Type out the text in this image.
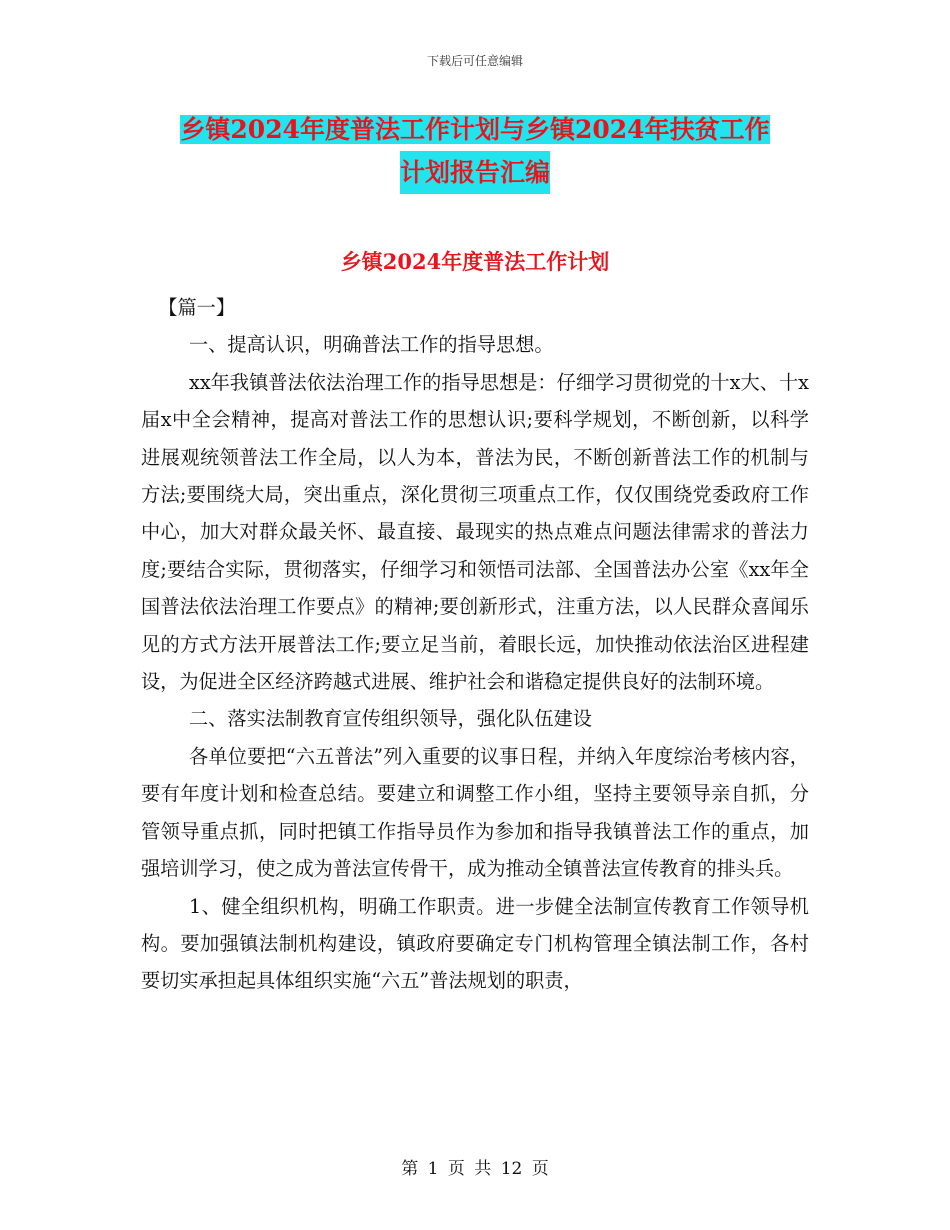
下载后可任意编辑
乡镇2024年度普法工作计划与乡镇2024年扶贫工作
计划报告汇编
乡镇2024年度普法工作计划

【篇一】

一、提高认识，明确普法工作的指导思想。

xx年我镇普法依法治理工作的指导思想是：仔细学习贯彻党的十x大、十x届x中全会精神，提高对普法工作的思想认识;要科学规划，不断创新，以科学进展观统领普法工作全局，以人为本，普法为民，不断创新普法工作的机制与方法;要围绕大局，突出重点，深化贯彻三项重点工作，仅仅围绕党委政府工作中心，加大对群众最关怀、最直接、最现实的热点难点问题法律需求的普法力度;要结合实际，贯彻落实，仔细学习和领悟司法部、全国普法办公室《xx年全国普法依法治理工作要点》的精神;要创新形式，注重方法，以人民群众喜闻乐见的方式方法开展普法工作;要立足当前，着眼长远，加快推动依法治区进程建设，为促进全区经济跨越式进展、维护社会和谐稳定提供良好的法制环境。

二、落实法制教育宣传组织领导，强化队伍建设

各单位要把“六五普法”列入重要的议事日程，并纳入年度综治考核内容，要有年度计划和检查总结。要建立和调整工作小组，坚持主要领导亲自抓，分管领导重点抓，同时把镇工作指导员作为参加和指导我镇普法工作的重点，加强培训学习，使之成为普法宣传骨干，成为推动全镇普法宣传教育的排头兵。

1、健全组织机构，明确工作职责。进一步健全法制宣传教育工作领导机构。要加强镇法制机构建设，镇政府要确定专门机构管理全镇法制工作，各村要切实承担起具体组织实施“六五”普法规划的职责，

第 1 页 共 12 页
